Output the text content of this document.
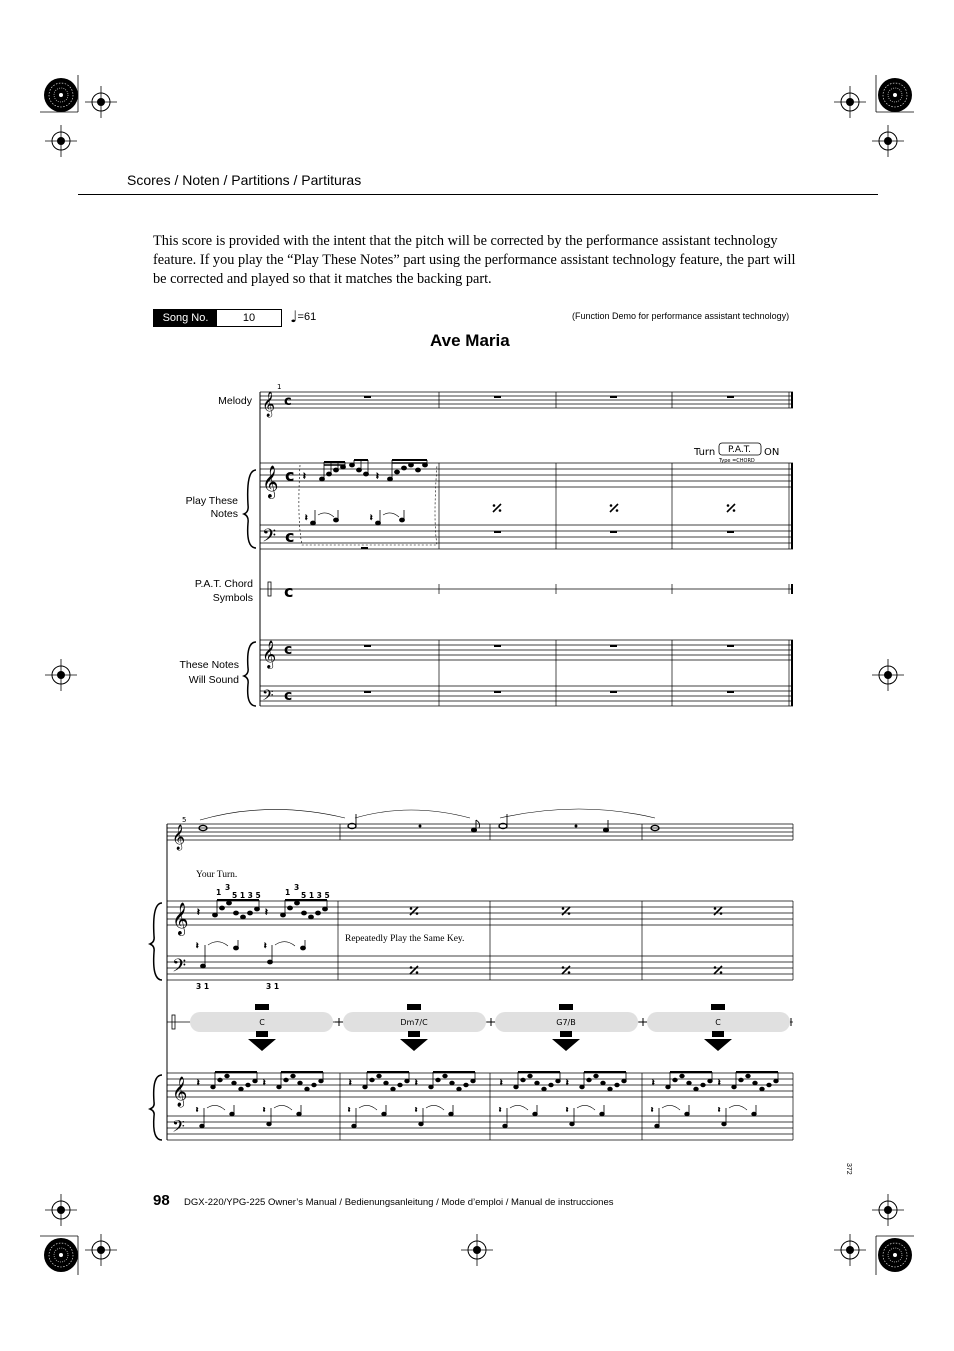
Scores / Noten / Partitions / Partituras
This score is provided with the intent that the pitch will be corrected by the performance assistant technology feature. If you play the “Play These Notes” part using the performance assistant technology feature, the part will be corrected and played so that it matches the backing part.
Song No.	10	♩=61	(Function Demo for performance assistant technology)
Ave Maria
Melody
Play These
Notes
P.A.T. Chord
Symbols
These Notes
Will Sound
𝄞
𝄞
𝄢
𝄞
𝄢
c
c
c
c
c
c
1
𝄽	𝄽
𝄽	𝄽
Turn P.A.T. ON
Type =CHORD
𝄞
𝄞
𝄢
𝄞
𝄢
5
𝄽	𝄽
𝄽	𝄽
1
3
5 1 3 5	1
3
5 1 3 5
3 1	3 1
C	Dm7/C	G7/B	C
𝄽	𝄽
𝄽	𝄽
Your Turn.
Repeatedly Play the Same Key.
98 DGX-220/YPG-225 Owner’s Manual / Bedienungsanleitung / Mode d’emploi / Manual de instrucciones
372
